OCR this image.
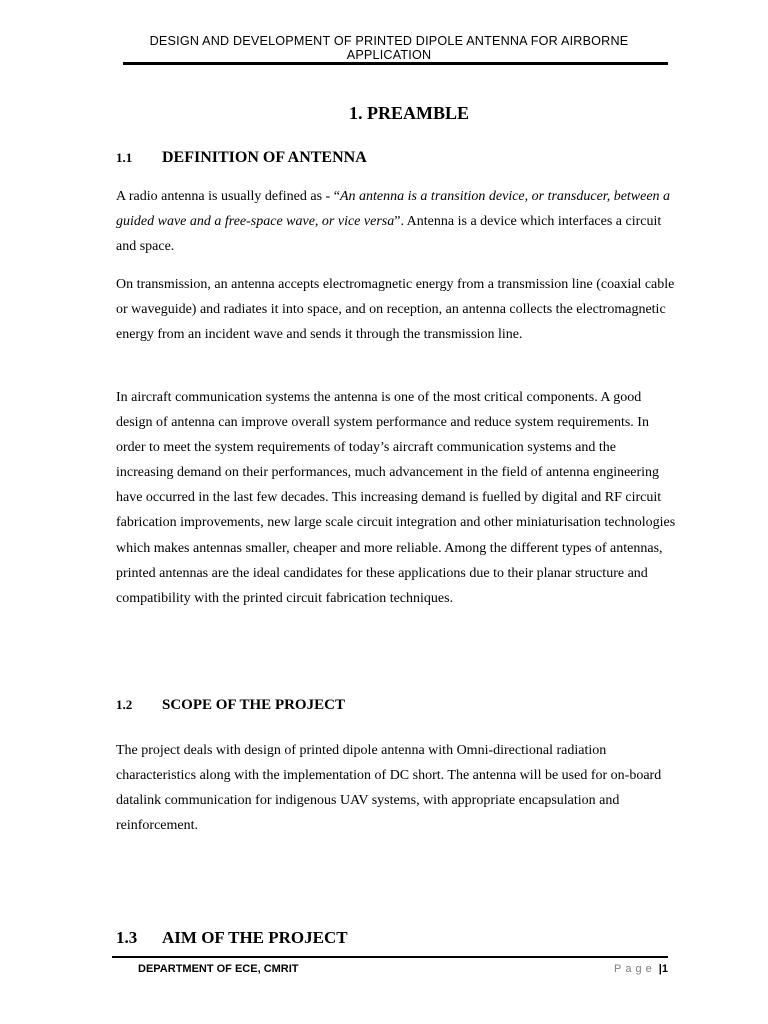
DESIGN AND DEVELOPMENT OF PRINTED DIPOLE ANTENNA FOR AIRBORNE APPLICATION
1. PREAMBLE
1.1 DEFINITION OF ANTENNA

A radio antenna is usually defined as - “An antenna is a transition device, or transducer, between a guided wave and a free-space wave, or vice versa”. Antenna is a device which interfaces a circuit and space.

On transmission, an antenna accepts electromagnetic energy from a transmission line (coaxial cable or waveguide) and radiates it into space, and on reception, an antenna collects the electromagnetic energy from an incident wave and sends it through the transmission line.

In aircraft communication systems the antenna is one of the most critical components. A good design of antenna can improve overall system performance and reduce system requirements. In order to meet the system requirements of today’s aircraft communication systems and the increasing demand on their performances, much advancement in the field of antenna engineering have occurred in the last few decades. This increasing demand is fuelled by digital and RF circuit fabrication improvements, new large scale circuit integration and other miniaturisation technologies which makes antennas smaller, cheaper and more reliable. Among the different types of antennas, printed antennas are the ideal candidates for these applications due to their planar structure and compatibility with the printed circuit fabrication techniques.

1.2 SCOPE OF THE PROJECT

The project deals with design of printed dipole antenna with Omni-directional radiation characteristics along with the implementation of DC short. The antenna will be used for on-board datalink communication for indigenous UAV systems, with appropriate encapsulation and reinforcement.

1.3 AIM OF THE PROJECT
DEPARTMENT OF ECE, CMRIT	Page |1
